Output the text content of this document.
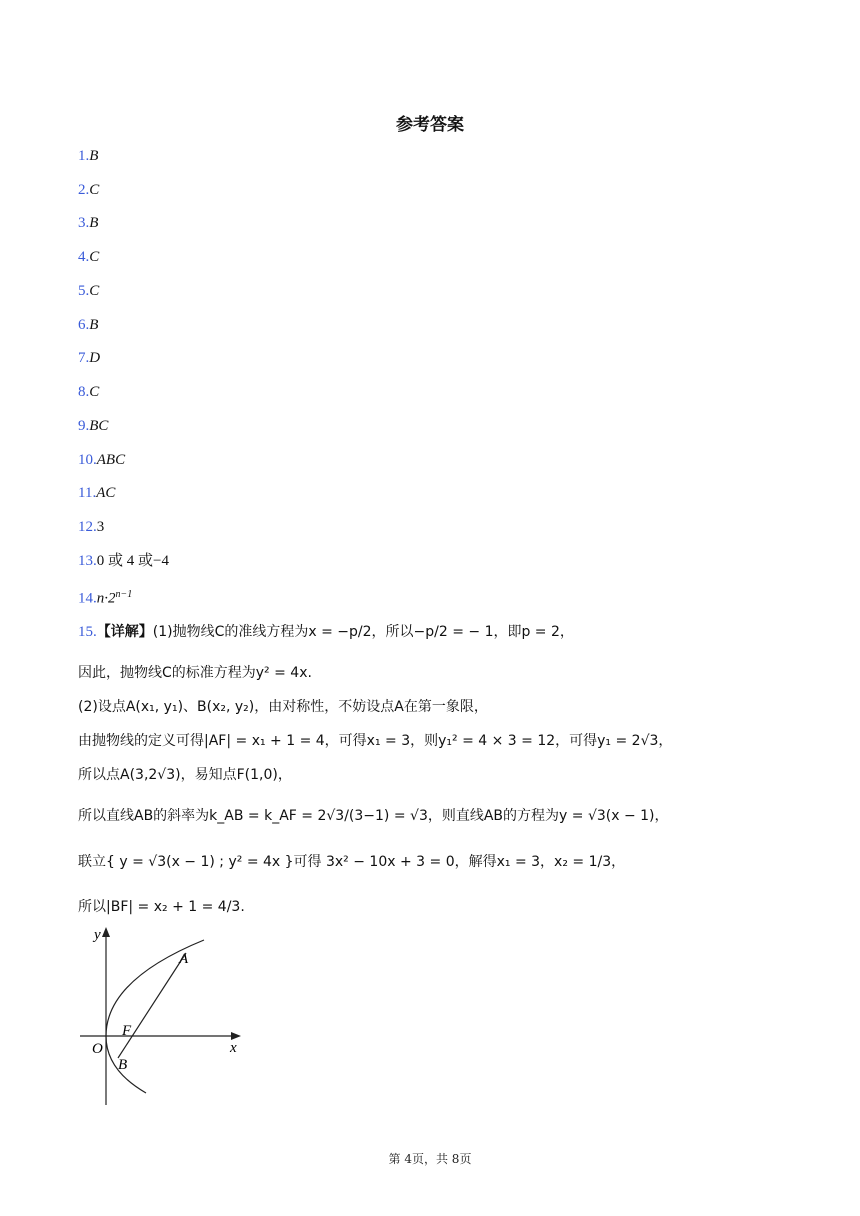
参考答案
1.B
2.C
3.B
4.C
5.C
6.B
7.D
8.C
9.BC
10.ABC
11.AC
12.3
13.0 或 4 或−4
$14.n\cdot 2^{n-1}$
15.【详解】(1)抛物线C的准线方程为x = −p/2，所以−p/2 = − 1，即p = 2，
因此，抛物线C的标准方程为y² = 4x.
(2)设点A(x₁, y₁)、B(x₂, y₂)，由对称性，不妨设点A在第一象限，
由抛物线的定义可得|AF| = x₁ + 1 = 4，可得x₁ = 3，则y₁² = 4 × 3 = 12，可得y₁ = 2√3，
所以点A(3,2√3)，易知点F(1,0)，
所以直线AB的斜率为k_AB = k_AF = 2√3/(3−1) = √3，则直线AB的方程为y = √3(x − 1)，
联立{ y = √3(x − 1) ; y² = 4x }可得 3x² − 10x + 3 = 0，解得x₁ = 3，x₂ = 1/3，
所以|BF| = x₂ + 1 = 4/3.
y
x
O
A
F
B
第 4页，共 8页
